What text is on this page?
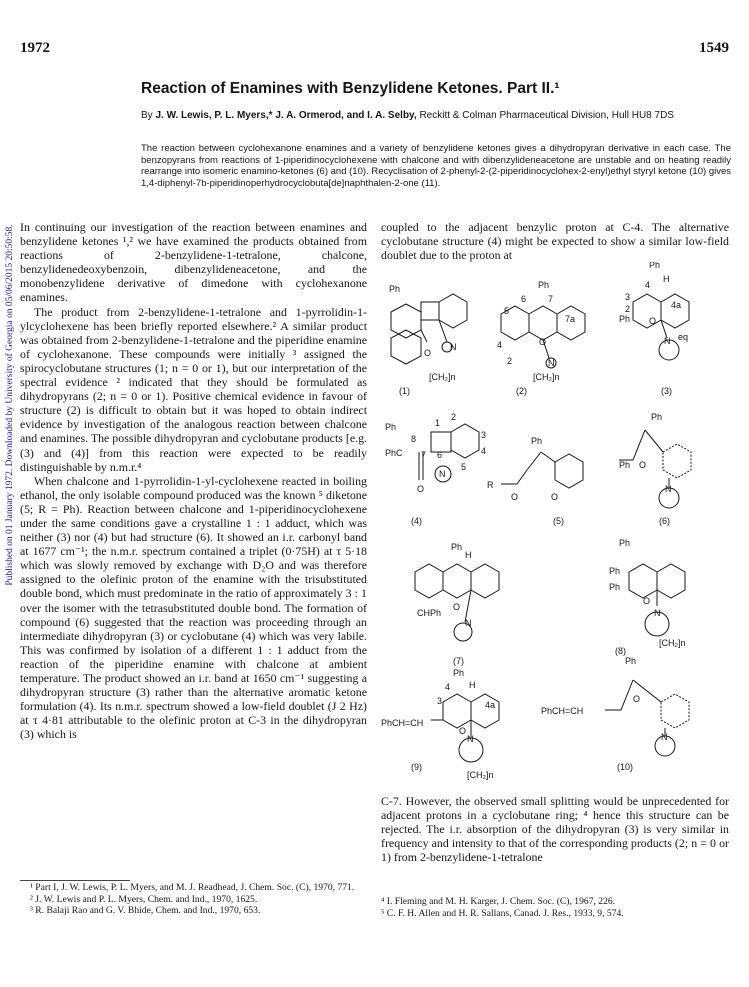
1972	1549
Published on 01 January 1972. Downloaded by University of Georgia on 05/06/2015 20:50:58.
Reaction of Enamines with Benzylidene Ketones. Part II.¹
By J. W. Lewis, P. L. Myers,* J. A. Ormerod, and I. A. Selby, Reckitt & Colman Pharmaceutical Division, Hull HU8 7DS
The reaction between cyclohexanone enamines and a variety of benzylidene ketones gives a dihydropyran derivative in each case. The benzopyrans from reactions of 1-piperidinocyclohexene with chalcone and with dibenzylideneacetone are unstable and on heating readily rearrange into isomeric enamino-ketones (6) and (10). Recyclisation of 2-phenyl-2-(2-piperidinocyclohex-2-enyl)ethyl styryl ketone (10) gives 1,4-diphenyl-7b-piperidinoperhydrocyclobuta[de]naphthalen-2-one (11).

In continuing our investigation of the reaction between enamines and benzylidene ketones ¹,² we have examined the products obtained from reactions of 2-benzylidene-1-tetralone, chalcone, benzylidenedeoxybenzoin, dibenzylideneacetone, and the monobenzylidene derivative of dimedone with cyclohexanone enamines.

The product from 2-benzylidene-1-tetralone and 1-pyrrolidin-1-ylcyclohexene has been briefly reported elsewhere.² A similar product was obtained from 2-benzylidene-1-tetralone and the piperidine enamine of cyclohexanone. These compounds were initially ³ assigned the spirocyclobutane structures (1; n = 0 or 1), but our interpretation of the spectral evidence ² indicated that they should be formulated as dihydropyrans (2; n = 0 or 1). Positive chemical evidence in favour of structure (2) is difficult to obtain but it was hoped to obtain indirect evidence by investigation of the analogous reaction between chalcone and enamines. The possible dihydropyran and cyclobutane products [e.g. (3) and (4)] from this reaction were expected to be readily distinguishable by n.m.r.⁴

When chalcone and 1-pyrrolidin-1-yl-cyclohexene reacted in boiling ethanol, the only isolable compound produced was the known ⁵ diketone (5; R = Ph). Reaction between chalcone and 1-piperidinocyclohexene under the same conditions gave a crystalline 1 : 1 adduct, which was neither (3) nor (4) but had structure (6). It showed an i.r. carbonyl band at 1677 cm⁻¹; the n.m.r. spectrum contained a triplet (0·75H) at τ 5·18 which was slowly removed by exchange with D₂O and was therefore assigned to the olefinic proton of the enamine with the trisubstituted double bond, which must predominate in the ratio of approximately 3 : 1 over the isomer with the tetrasubstituted double bond. The formation of compound (6) suggested that the reaction was proceeding through an intermediate dihydropyran (3) or cyclobutane (4) which was very labile. This was confirmed by isolation of a different 1 : 1 adduct from the reaction of the piperidine enamine with chalcone at ambient temperature. The product showed an i.r. band at 1650 cm⁻¹ suggesting a dihydropyran structure (3) rather than the alternative aromatic ketone formulation (4). Its n.m.r. spectrum showed a low-field doublet (J 2 Hz) at τ 4·81 attributable to the olefinic proton at C-3 in the dihydropyran (3) which is

coupled to the adjacent benzylic proton at C-4. The alternative cyclobutane structure (4) might be expected to show a similar low-field doublet due to the proton at

Ph
O
N
[CH₂]n
(1)
Ph
O
N
6 7
7a
5
4
2
[CH₂]n
(2)
Ph
H
Ph O
N eq
4a
4
3
2
(3)
Ph
PhC
O
N
1
2
3
4
5
6
7
8
(4)
Ph
R
O	O
(5)
Ph
Ph O
N
(6)
Ph
H
O
N
CHPh
(7)
Ph
Ph
Ph
O
N
[CH₂]n
(8)
Ph
H
PhCH=CH
O
N
4a
4
3
[CH₂]n
(9)
Ph
PhCH=CH
O
N
(10)

C-7. However, the observed small splitting would be unprecedented for adjacent protons in a cyclobutane ring; ⁴ hence this structure can be rejected. The i.r. absorption of the dihydropyran (3) is very similar in frequency and intensity to that of the corresponding products (2; n = 0 or 1) from 2-benzylidene-1-tetralone

¹ Part I, J. W. Lewis, P. L. Myers, and M. J. Readhead, J. Chem. Soc. (C), 1970, 771.
² J. W. Lewis and P. L. Myers, Chem. and Ind., 1970, 1625.
³ R. Balaji Rao and G. V. Bhide, Chem. and Ind., 1970, 653.
⁴ I. Fleming and M. H. Karger, J. Chem. Soc. (C), 1967, 226.
⁵ C. F. H. Allen and H. R. Sallans, Canad. J. Res., 1933, 9, 574.
